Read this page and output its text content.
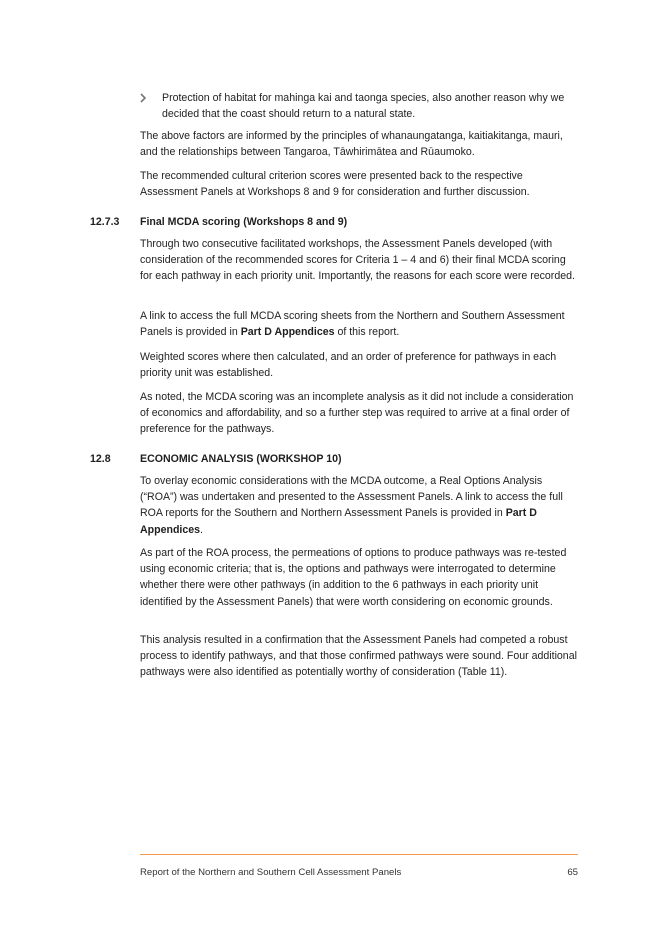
Protection of habitat for mahinga kai and taonga species, also another reason why we decided that the coast should return to a natural state.

The above factors are informed by the principles of whanaungatanga, kaitiakitanga, mauri, and the relationships between Tangaroa, Tāwhirimātea and Rūaumoko.

The recommended cultural criterion scores were presented back to the respective Assessment Panels at Workshops 8 and 9 for consideration and further discussion.

12.7.3 Final MCDA scoring (Workshops 8 and 9)

Through two consecutive facilitated workshops, the Assessment Panels developed (with consideration of the recommended scores for Criteria 1 – 4 and 6) their final MCDA scoring for each pathway in each priority unit. Importantly, the reasons for each score were recorded.

A link to access the full MCDA scoring sheets from the Northern and Southern Assessment Panels is provided in Part D Appendices of this report.

Weighted scores where then calculated, and an order of preference for pathways in each priority unit was established.

As noted, the MCDA scoring was an incomplete analysis as it did not include a consideration of economics and affordability, and so a further step was required to arrive at a final order of preference for the pathways.

12.8	ECONOMIC ANALYSIS (WORKSHOP 10)

To overlay economic considerations with the MCDA outcome, a Real Options Analysis (“ROA”) was undertaken and presented to the Assessment Panels. A link to access the full ROA reports for the Southern and Northern Assessment Panels is provided in Part D Appendices.

As part of the ROA process, the permeations of options to produce pathways was re-tested using economic criteria; that is, the options and pathways were interrogated to determine whether there were other pathways (in addition to the 6 pathways in each priority unit identified by the Assessment Panels) that were worth considering on economic grounds.

This analysis resulted in a confirmation that the Assessment Panels had competed a robust process to identify pathways, and that those confirmed pathways were sound. Four additional pathways were also identified as potentially worthy of consideration (Table 11).

Report of the Northern and Southern Cell Assessment Panels	65
